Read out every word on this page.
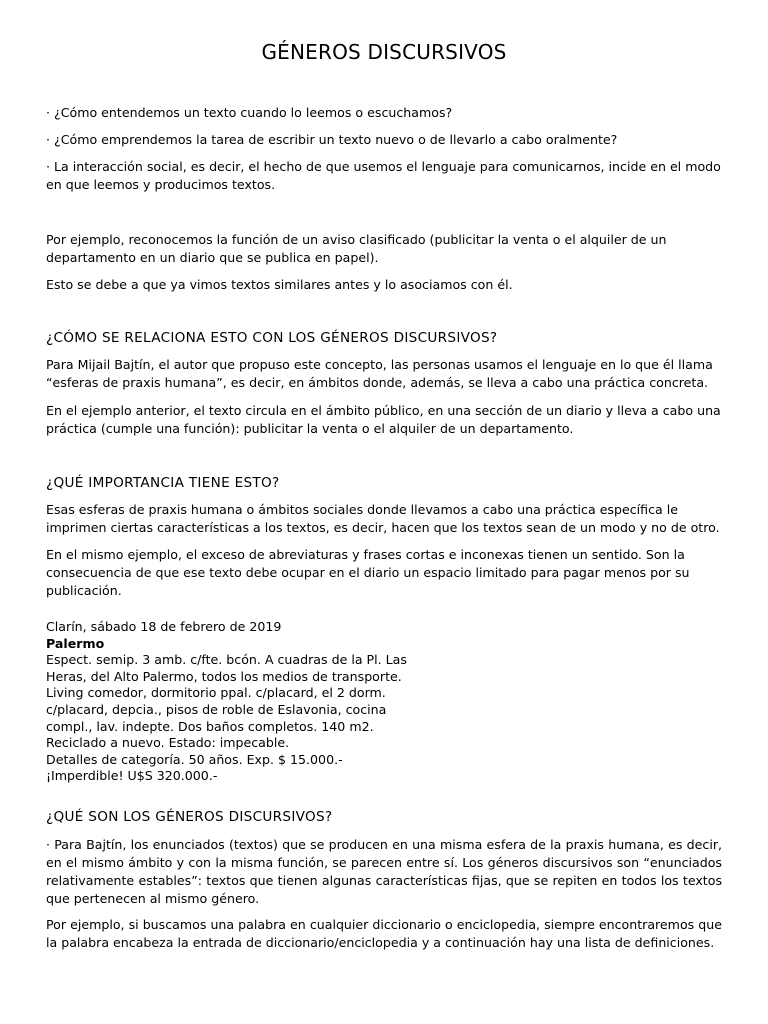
GÉNEROS DISCURSIVOS
· ¿Cómo entendemos un texto cuando lo leemos o escuchamos?
· ¿Cómo emprendemos la tarea de escribir un texto nuevo o de llevarlo a cabo oralmente?
· La interacción social, es decir, el hecho de que usemos el lenguaje para comunicarnos, incide en el modo en que leemos y producimos textos.
Por ejemplo, reconocemos la función de un aviso clasificado (publicitar la venta o el alquiler de un departamento en un diario que se publica en papel).
Esto se debe a que ya vimos textos similares antes y lo asociamos con él.
¿CÓMO SE RELACIONA ESTO CON LOS GÉNEROS DISCURSIVOS?
Para Mijail Bajtín, el autor que propuso este concepto, las personas usamos el lenguaje en lo que él llama “esferas de praxis humana”, es decir, en ámbitos donde, además, se lleva a cabo una práctica concreta.
En el ejemplo anterior, el texto circula en el ámbito público, en una sección de un diario y lleva a cabo una práctica (cumple una función): publicitar la venta o el alquiler de un departamento.
¿QUÉ IMPORTANCIA TIENE ESTO?
Esas esferas de praxis humana o ámbitos sociales donde llevamos a cabo una práctica específica le imprimen ciertas características a los textos, es decir, hacen que los textos sean de un modo y no de otro.
En el mismo ejemplo, el exceso de abreviaturas y frases cortas e inconexas tienen un sentido. Son la consecuencia de que ese texto debe ocupar en el diario un espacio limitado para pagar menos por su publicación.
Clarín, sábado 18 de febrero de 2019
Palermo
Espect. semip. 3 amb. c/fte. bcón. A cuadras de la Pl. Las
Heras, del Alto Palermo, todos los medios de transporte.
Living comedor, dormitorio ppal. c/placard, el 2 dorm.
c/placard, depcia., pisos de roble de Eslavonia, cocina
compl., lav. indepte. Dos baños completos. 140 m2.
Reciclado a nuevo. Estado: impecable.
Detalles de categoría. 50 años. Exp. $ 15.000.-
¡Imperdible! U$S 320.000.-
¿QUÉ SON LOS GÉNEROS DISCURSIVOS?
· Para Bajtín, los enunciados (textos) que se producen en una misma esfera de la praxis humana, es decir, en el mismo ámbito y con la misma función, se parecen entre sí. Los géneros discursivos son “enunciados relativamente estables”: textos que tienen algunas características fijas, que se repiten en todos los textos que pertenecen al mismo género.
Por ejemplo, si buscamos una palabra en cualquier diccionario o enciclopedia, siempre encontraremos que la palabra encabeza la entrada de diccionario/enciclopedia y a continuación hay una lista de definiciones.
